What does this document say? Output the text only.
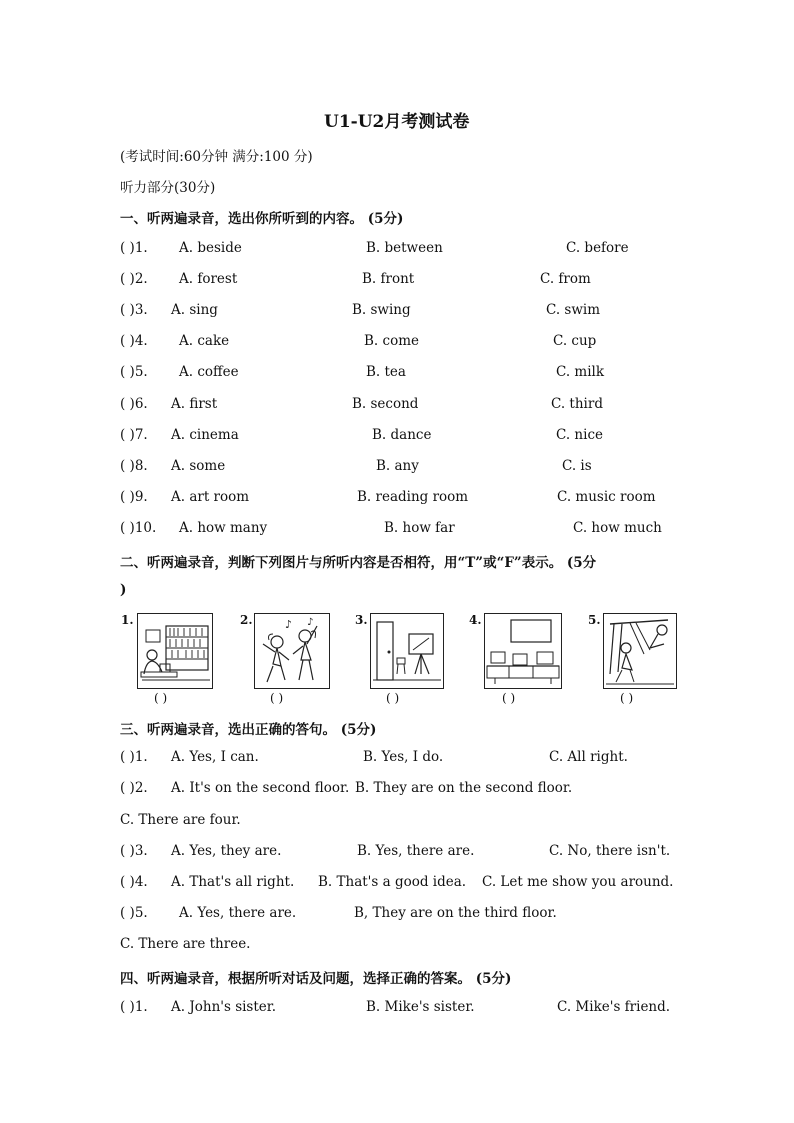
U1-U2月考测试卷
(考试时间:60分钟 满分:100 分)
听力部分(30分)
一、听两遍录音，选出你所听到的内容。 (5分)
( )1. A. beside	B. between	C. before
( )2. A. forest	B. front	C. from
( )3. A. sing	B. swing	C. swim
( )4. A. cake	B. come	C. cup
( )5. A. coffee	B. tea	C. milk
( )6. A. first	B. second	C. third
( )7. A. cinema	B. dance	C. nice
( )8. A. some	B. any	C. is
( )9. A. art room	B. reading room	C. music room
( )10. A. how many	B. how far	C. how much
二、听两遍录音，判断下列图片与所听内容是否相符，用“T”或“F”表示。 (5分
)
1.
( )
2.	♪ ♪
( )
3.
( )
4.
( )
5.
( )
三、听两遍录音，选出正确的答句。 (5分)
( )1. A. Yes, I can.	B. Yes, I do.	C. All right.
( )2. A. It's on the second floor. B. They are on the second floor.
C. There are four.
( )3. A. Yes, they are.	B. Yes, there are.	C. No, there isn't.
( )4. A. That's all right. B. That's a good idea. C. Let me show you around.
( )5. A. Yes, there are.	B, They are on the third floor.
C. There are three.
四、听两遍录音，根据所听对话及问题，选择正确的答案。 (5分)
( )1. A. John's sister.	B. Mike's sister.	C. Mike's friend.
